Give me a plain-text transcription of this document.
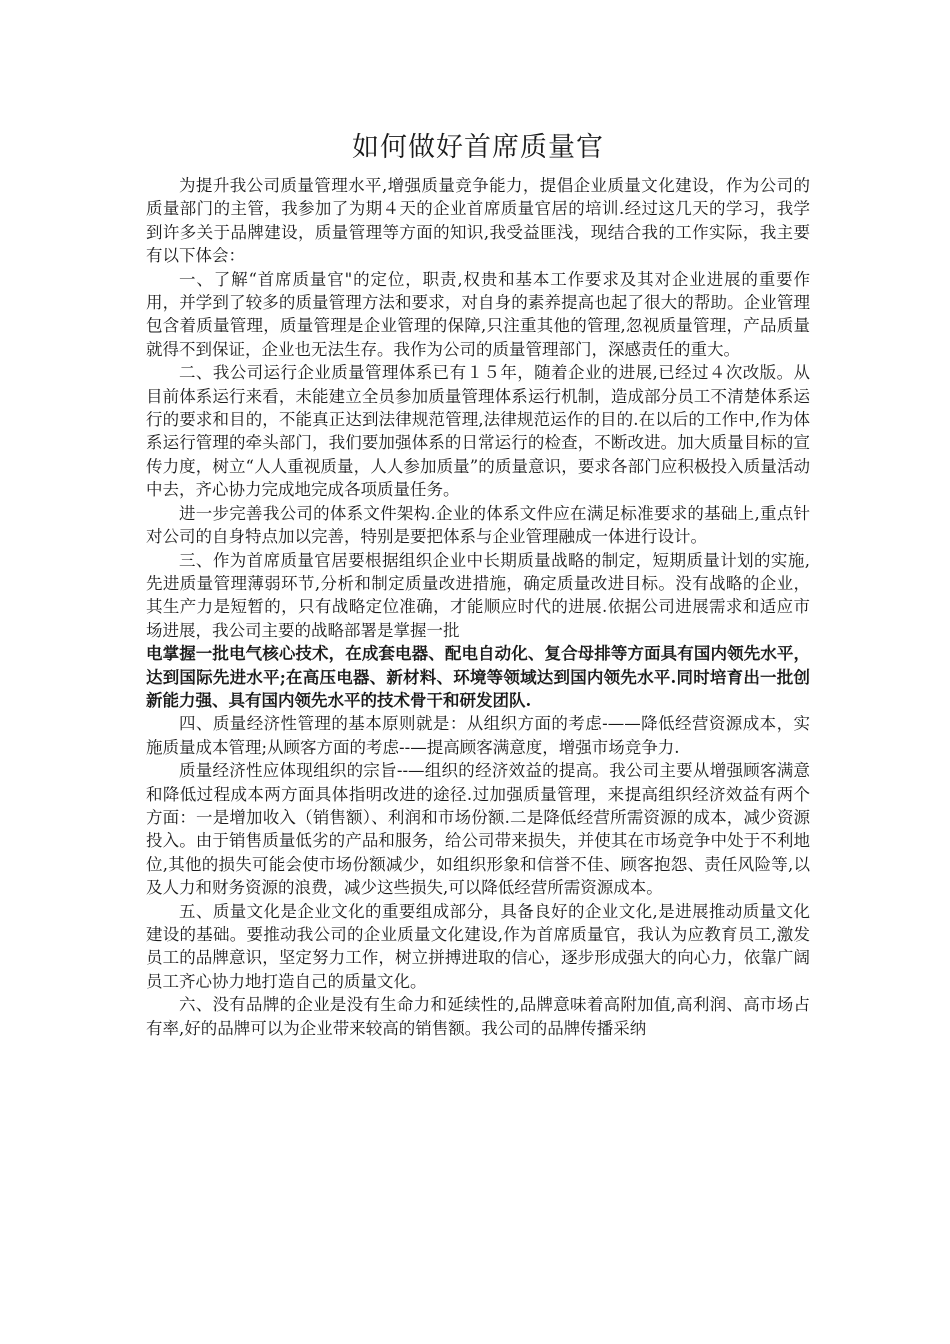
如何做好首席质量官

为提升我公司质量管理水平,增强质量竞争能力，提倡企业质量文化建设，作为公司的质量部门的主管，我参加了为期４天的企业首席质量官居的培训.经过这几天的学习，我学到许多关于品牌建设，质量管理等方面的知识,我受益匪浅，现结合我的工作实际，我主要有以下体会：

一、了解“首席质量官"的定位，职责,权贵和基本工作要求及其对企业进展的重要作用，并学到了较多的质量管理方法和要求，对自身的素养提高也起了很大的帮助。企业管理包含着质量管理，质量管理是企业管理的保障,只注重其他的管理,忽视质量管理，产品质量就得不到保证，企业也无法生存。我作为公司的质量管理部门，深感责任的重大。

二、我公司运行企业质量管理体系已有１５年，随着企业的进展,已经过４次改版。从目前体系运行来看，未能建立全员参加质量管理体系运行机制，造成部分员工不清楚体系运行的要求和目的，不能真正达到法律规范管理,法律规范运作的目的.在以后的工作中,作为体系运行管理的牵头部门，我们要加强体系的日常运行的检查，不断改进。加大质量目标的宣传力度，树立“人人重视质量，人人参加质量”的质量意识，要求各部门应积极投入质量活动中去，齐心协力完成地完成各项质量任务。

进一步完善我公司的体系文件架构.企业的体系文件应在满足标准要求的基础上,重点针对公司的自身特点加以完善，特别是要把体系与企业管理融成一体进行设计。

三、作为首席质量官居要根据组织企业中长期质量战略的制定，短期质量计划的实施,先进质量管理薄弱环节,分析和制定质量改进措施，确定质量改进目标。没有战略的企业，其生产力是短暂的，只有战略定位准确，才能顺应时代的进展.依据公司进展需求和适应市场进展，我公司主要的战略部署是掌握一批

电掌握一批电气核心技术，在成套电器、配电自动化、复合母排等方面具有国内领先水平，达到国际先进水平;在高压电器、新材料、环境等领域达到国内领先水平.同时培育出一批创新能力强、具有国内领先水平的技术骨干和研发团队.

四、质量经济性管理的基本原则就是：从组织方面的考虑-——降低经营资源成本，实施质量成本管理;从顾客方面的考虑--—提高顾客满意度，增强市场竞争力.

质量经济性应体现组织的宗旨--—组织的经济效益的提高。我公司主要从增强顾客满意和降低过程成本两方面具体指明改进的途径.过加强质量管理，来提高组织经济效益有两个方面：一是增加收入（销售额）、利润和市场份额.二是降低经营所需资源的成本，减少资源投入。由于销售质量低劣的产品和服务，给公司带来损失，并使其在市场竞争中处于不利地位,其他的损失可能会使市场份额减少，如组织形象和信誉不佳、顾客抱怨、责任风险等,以及人力和财务资源的浪费，减少这些损失,可以降低经营所需资源成本。

五、质量文化是企业文化的重要组成部分，具备良好的企业文化,是进展推动质量文化建设的基础。要推动我公司的企业质量文化建设,作为首席质量官，我认为应教育员工,激发员工的品牌意识，坚定努力工作，树立拼搏进取的信心，逐步形成强大的向心力，依靠广阔员工齐心协力地打造自己的质量文化。

六、没有品牌的企业是没有生命力和延续性的,品牌意味着高附加值,高利润、高市场占有率,好的品牌可以为企业带来较高的销售额。我公司的品牌传播采纳
